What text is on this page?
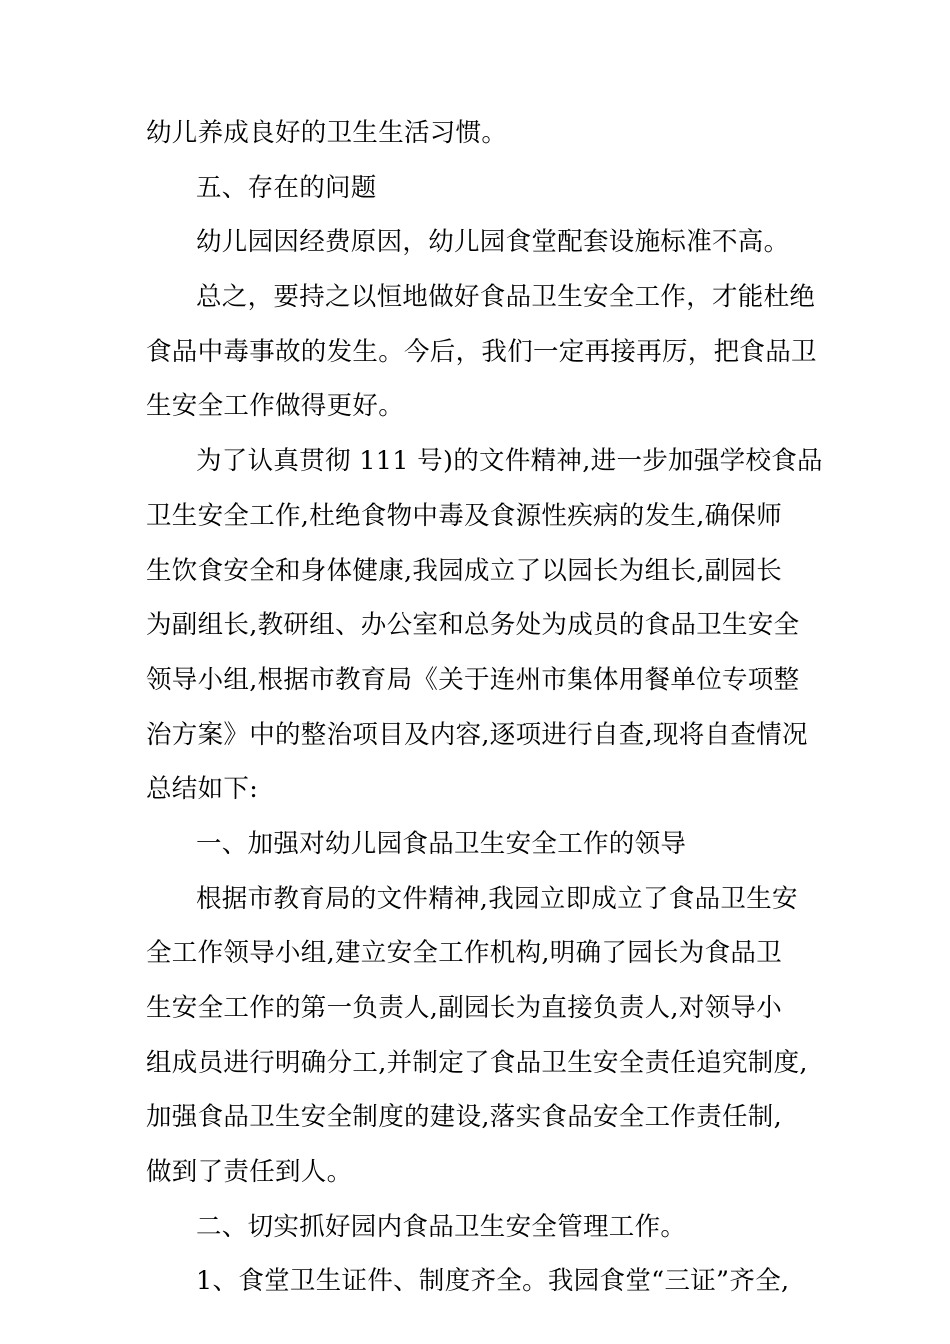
幼儿养成良好的卫生生活习惯。
五、存在的问题
幼儿园因经费原因，幼儿园食堂配套设施标准不高。
总之，要持之以恒地做好食品卫生安全工作，才能杜绝
食品中毒事故的发生。今后，我们一定再接再厉，把食品卫
生安全工作做得更好。
为了认真贯彻 111 号)的文件精神,进一步加强学校食品
卫生安全工作,杜绝食物中毒及食源性疾病的发生,确保师
生饮食安全和身体健康,我园成立了以园长为组长,副园长
为副组长,教研组、办公室和总务处为成员的食品卫生安全
领导小组,根据市教育局《关于连州市集体用餐单位专项整
治方案》中的整治项目及内容,逐项进行自查,现将自查情况
总结如下:
一、加强对幼儿园食品卫生安全工作的领导
根据市教育局的文件精神,我园立即成立了食品卫生安
全工作领导小组,建立安全工作机构,明确了园长为食品卫
生安全工作的第一负责人,副园长为直接负责人,对领导小
组成员进行明确分工,并制定了食品卫生安全责任追究制度,
加强食品卫生安全制度的建设,落实食品安全工作责任制,
做到了责任到人。
二、切实抓好园内食品卫生安全管理工作。
1、食堂卫生证件、制度齐全。我园食堂“三证”齐全,
